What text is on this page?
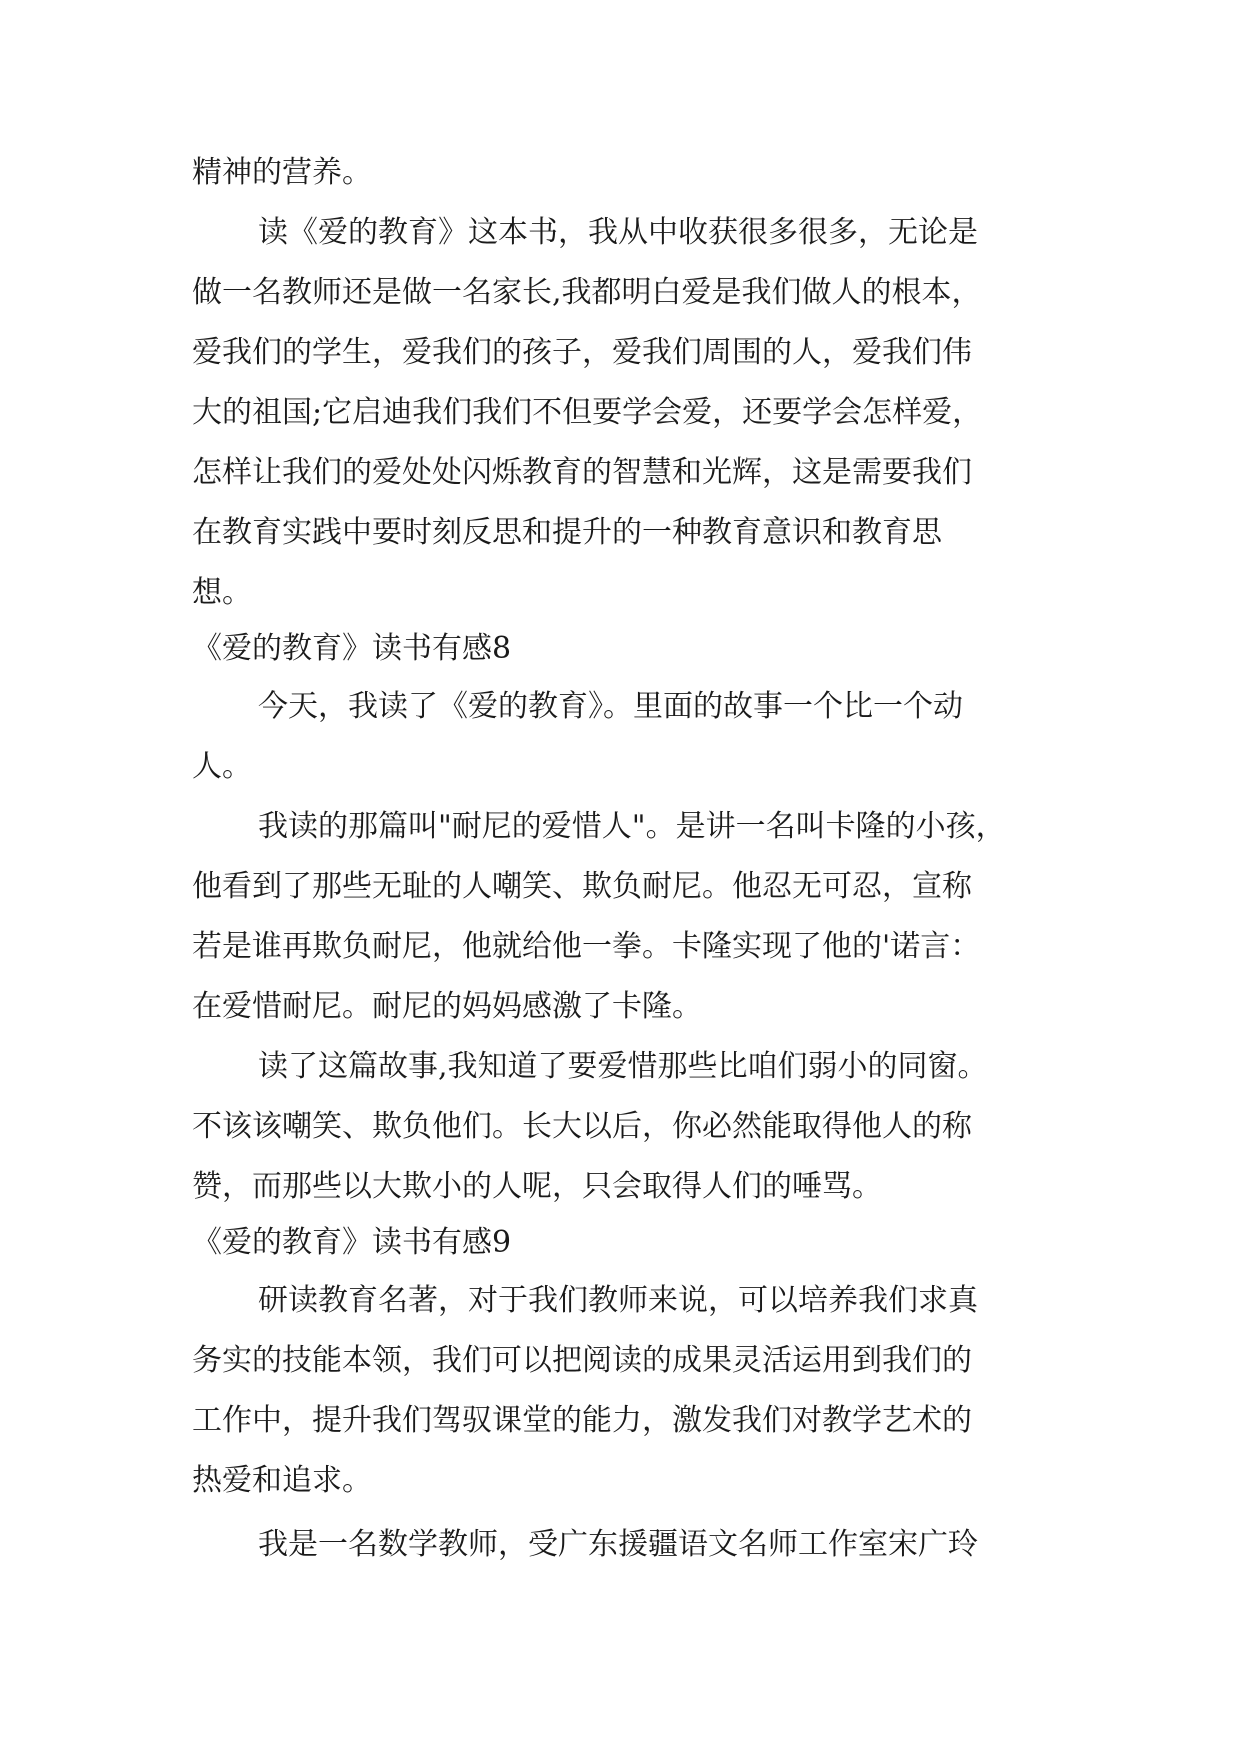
精神的营养。
读《爱的教育》这本书，我从中收获很多很多，无论是
做一名教师还是做一名家长,我都明白爱是我们做人的根本，
爱我们的学生，爱我们的孩子，爱我们周围的人，爱我们伟
大的祖国;它启迪我们我们不但要学会爱，还要学会怎样爱，
怎样让我们的爱处处闪烁教育的智慧和光辉，这是需要我们
在教育实践中要时刻反思和提升的一种教育意识和教育思
想。
《爱的教育》读书有感8
今天，我读了《爱的教育》。里面的故事一个比一个动
人。
我读的那篇叫"耐尼的爱惜人"。是讲一名叫卡隆的小孩，
他看到了那些无耻的人嘲笑、欺负耐尼。他忍无可忍，宣称
若是谁再欺负耐尼，他就给他一拳。卡隆实现了他的'诺言：
在爱惜耐尼。耐尼的妈妈感激了卡隆。
读了这篇故事,我知道了要爱惜那些比咱们弱小的同窗。
不该该嘲笑、欺负他们。长大以后，你必然能取得他人的称
赞，而那些以大欺小的人呢，只会取得人们的唾骂。
《爱的教育》读书有感9
研读教育名著，对于我们教师来说，可以培养我们求真
务实的技能本领，我们可以把阅读的成果灵活运用到我们的
工作中，提升我们驾驭课堂的能力，激发我们对教学艺术的
热爱和追求。
我是一名数学教师，受广东援疆语文名师工作室宋广玲
